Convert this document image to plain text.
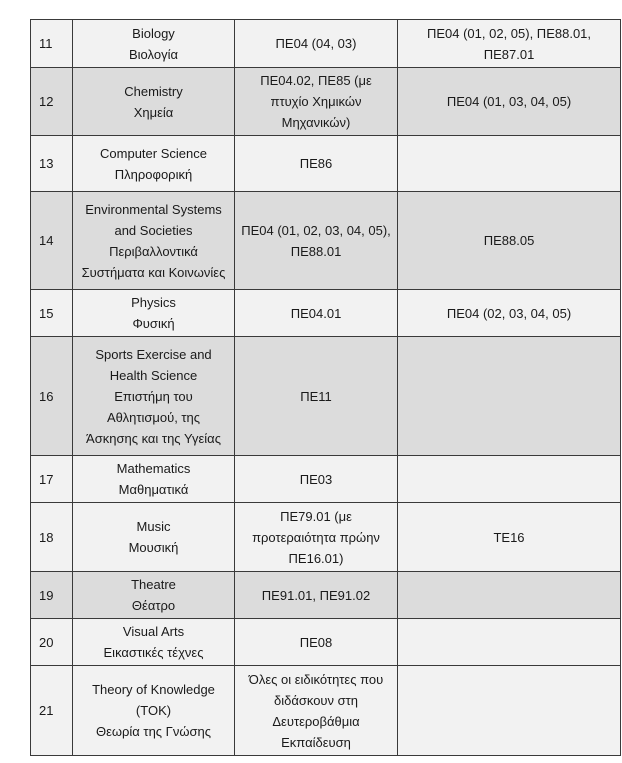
11	Biology
Βιολογία	ΠΕ04 (04, 03)	ΠΕ04 (01, 02, 05), ΠΕ88.01,
ΠΕ87.01

12	Chemistry
Χημεία	ΠΕ04.02, ΠΕ85 (με
πτυχίο Χημικών
Μηχανικών)	ΠΕ04 (01, 03, 04, 05)

13	Computer Science
Πληροφορική	ΠΕ86	

14	Environmental Systems
and Societies
Περιβαλλοντικά
Συστήματα και Κοινωνίες	ΠΕ04 (01, 02, 03, 04, 05),
ΠΕ88.01	ΠΕ88.05

15	Physics
Φυσική	ΠΕ04.01	ΠΕ04 (02, 03, 04, 05)

16	Sports Exercise and
Health Science
Επιστήμη του
Αθλητισμού, της
Άσκησης και της Υγείας	ΠΕ11	

17	Mathematics
Μαθηματικά	ΠΕ03	

18	Music
Μουσική	ΠΕ79.01 (με
προτεραιότητα πρώην
ΠΕ16.01)	ΤΕ16

19	Theatre
Θέατρο	ΠΕ91.01, ΠΕ91.02	

20	Visual Arts
Εικαστικές τέχνες	ΠΕ08	

21	Theory of Knowledge
(TOK)
Θεωρία της Γνώσης	Όλες οι ειδικότητες που
διδάσκουν στη
Δευτεροβάθμια
Εκπαίδευση	
